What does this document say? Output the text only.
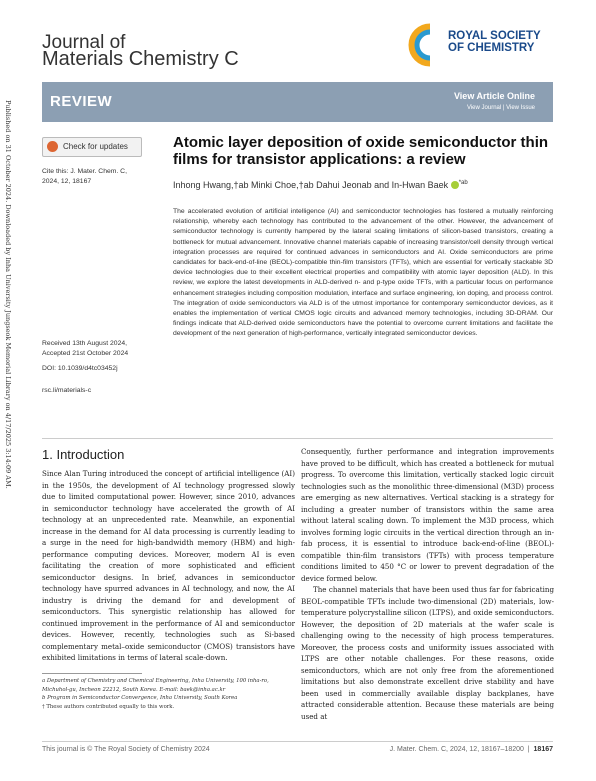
Published on 31 October 2024. Downloaded by Inha University Jungseok Memorial Library on 4/17/2025 3:14:09 AM.
Journal of
Materials Chemistry C
ROYAL SOCIETY
OF CHEMISTRY
REVIEW	View Article Online
View Journal | View Issue
Check for updates
Cite this: J. Mater. Chem. C,
2024, 12, 18167
Received 13th August 2024,
Accepted 21st October 2024
DOI: 10.1039/d4tc03452j
rsc.li/materials-c
Atomic layer deposition of oxide semiconductor thin films for transistor applications: a review
Inhong Hwang,†ab Minki Choe,†ab Dahui Jeonab and In-Hwan Baek $^{*ab}$
The accelerated evolution of artificial intelligence (AI) and semiconductor technologies has fostered a mutually reinforcing relationship, whereby each technology has contributed to the advancement of the other. However, the advancement of semiconductor technology is currently hampered by the lateral scaling limitations of silicon-based transistors, creating a bottleneck for mutual advancement. Innovative channel materials capable of increasing transistor/cell density through vertical integration processes are required for continued advances in semiconductors and AI. Oxide semiconductors are prime candidates for back-end-of-line (BEOL)-compatible thin-film transistors (TFTs), which are essential for vertically stackable 3D device technologies due to their excellent electrical properties and compatibility with atomic layer deposition (ALD). In this review, we explore the latest developments in ALD-derived n- and p-type oxide TFTs, with a particular focus on performance enhancement strategies including composition modulation, interface and surface engineering, ion doping, and process control. The integration of oxide semiconductors via ALD is of the utmost importance for contemporary semiconductor devices, as it enables the implementation of vertical CMOS logic circuits and advanced memory technologies, including 3D-DRAM. Our findings indicate that ALD-derived oxide semiconductors have the potential to overcome current limitations and facilitate the development of the next generation of high-performance, vertically integrated semiconductor devices.
1. Introduction

Since Alan Turing introduced the concept of artificial intelligence (AI) in the 1950s, the development of AI technology progressed slowly due to limited computational power. However, since 2010, advances in semiconductor technology have accelerated the growth of AI technology at an unprecedented rate. Meanwhile, an exponential increase in the demand for AI data processing is currently leading to a surge in the need for high-bandwidth memory (HBM) and high-performance computing devices. Moreover, modern AI is even facilitating the creation of more sophisticated and efficient semiconductor designs. In brief, advances in semiconductor technology have spurred advances in AI technology, and now, the AI industry is driving the demand for and development of semiconductors. This synergistic relationship has allowed for continued improvement in the performance of AI and semiconductor devices. However, recently, technologies such as Si-based complementary metal–oxide semiconductor (CMOS) transistors have exhibited limitations in terms of lateral scale-down.

Consequently, further performance and integration improvements have proved to be difficult, which has created a bottleneck for mutual progress. To overcome this limitation, vertically stacked logic circuit technologies such as the monolithic three-dimensional (M3D) process are emerging as new alternatives. Vertical stacking is a strategy for including a greater number of transistors within the same area without lateral scaling down. To implement the M3D process, which involves forming logic circuits in the vertical direction through an in-fab process, it is essential to introduce back-end-of-line (BEOL)-compatible thin-film transistors (TFTs) with process temperature conditions limited to 450 °C or lower to prevent degradation of the device formed below.

The channel materials that have been used thus far for fabricating BEOL-compatible TFTs include two-dimensional (2D) materials, low-temperature polycrystalline silicon (LTPS), and oxide semiconductors. However, the deposition of 2D materials at the wafer scale is challenging owing to the necessity of high process temperatures. Moreover, the process costs and uniformity issues associated with LTPS are other notable challenges. For these reasons, oxide semiconductors, which are not only free from the aforementioned limitations but also demonstrate excellent drive stability and have been used in commercially available display backplanes, have attracted considerable attention. Because these materials are being used at

a Department of Chemistry and Chemical Engineering, Inha University, 100 inha-ro, Michuhol-gu, Incheon 22212, South Korea. E-mail: baek@inha.ac.kr
b Program in Semiconductor Convergence, Inha University, South Korea
† These authors contributed equally to this work.
This journal is © The Royal Society of Chemistry 2024	J. Mater. Chem. C, 2024, 12, 18167–18200  |  18167
